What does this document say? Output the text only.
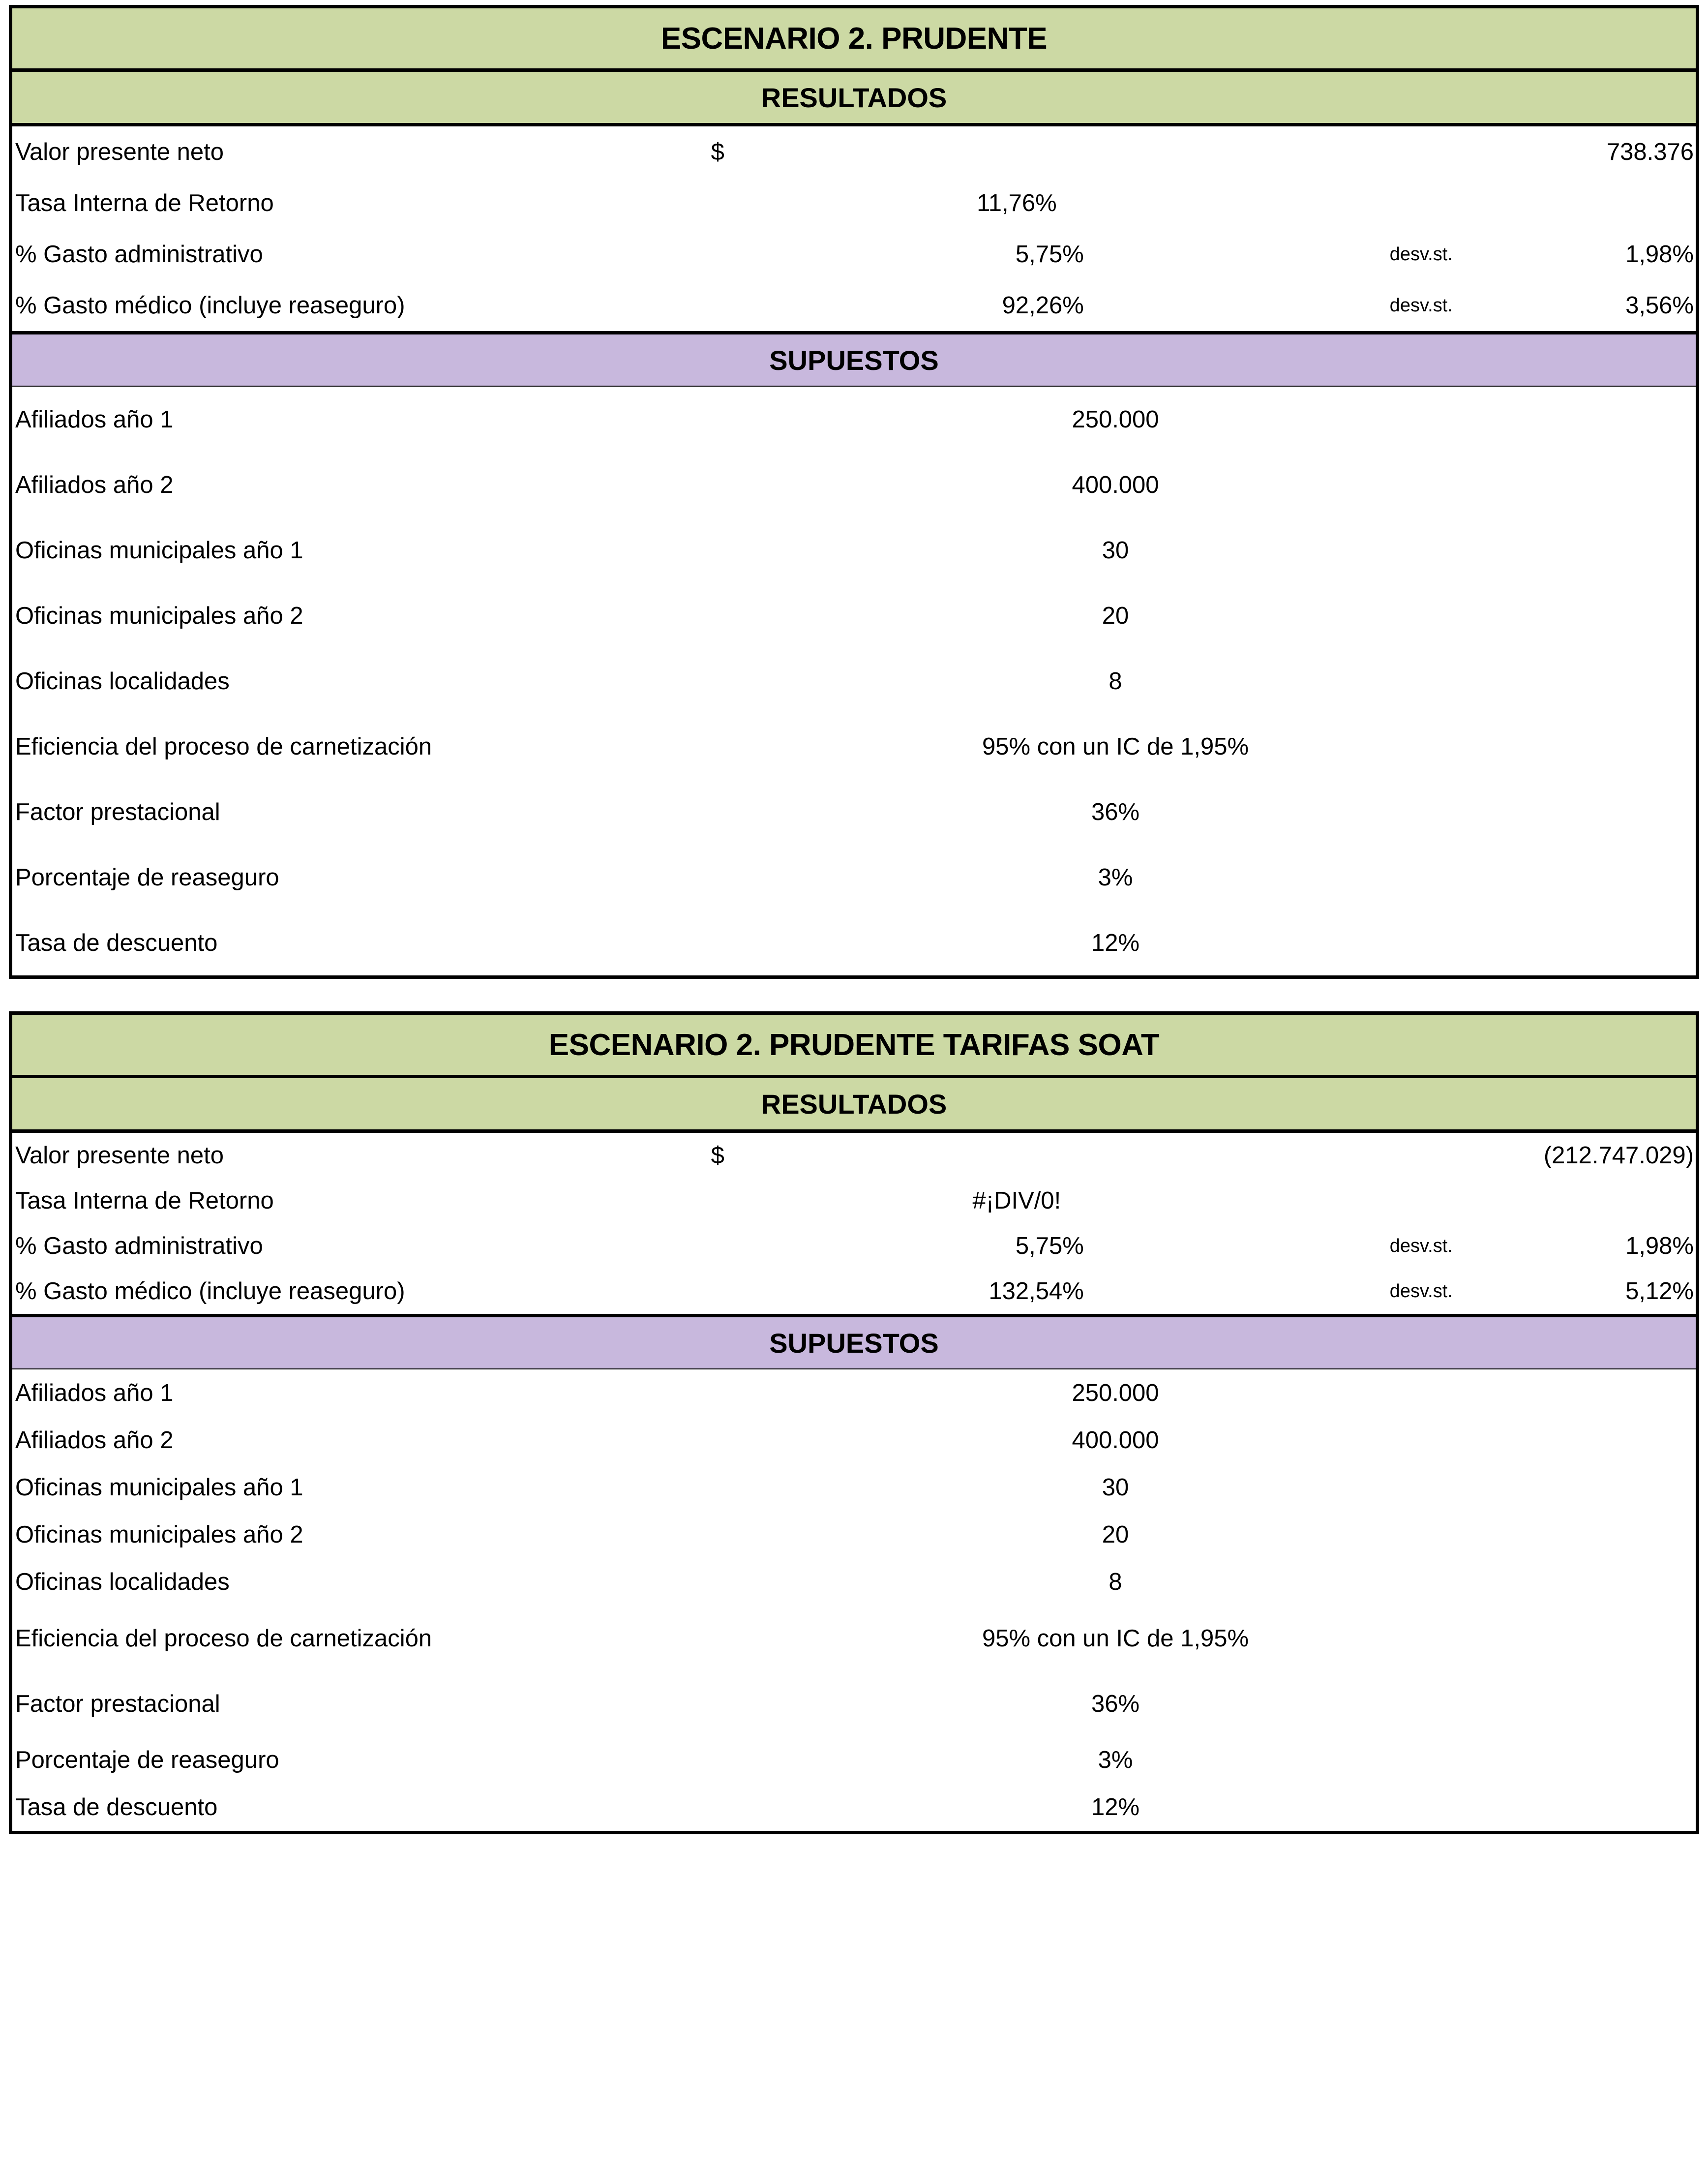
ESCENARIO 2. PRUDENTE				
RESULTADOS				
Valor presente neto	$	738.376		
Tasa Interna de Retorno	11,76%			
% Gasto administrativo	5,75%		desv.st.	1,98%
% Gasto médico (incluye reaseguro)	92,26%		desv.st.	3,56%
SUPUESTOS				
Afiliados año 1	250.000			
Afiliados año 2	400.000			
Oficinas municipales año 1	30			
Oficinas municipales año 2	20			
Oficinas localidades	8			
Eficiencia del proceso de carnetización	95% con un IC de 1,95%			
Factor prestacional	36%			
Porcentaje de reaseguro	3%			
Tasa de descuento	12%			
ESCENARIO 2. PRUDENTE TARIFAS SOAT				
RESULTADOS				
Valor presente neto	$	(212.747.029)		
Tasa Interna de Retorno	#¡DIV/0!			
% Gasto administrativo	5,75%		desv.st.	1,98%
% Gasto médico (incluye reaseguro)	132,54%		desv.st.	5,12%
SUPUESTOS				
Afiliados año 1	250.000			
Afiliados año 2	400.000			
Oficinas municipales año 1	30			
Oficinas municipales año 2	20			
Oficinas localidades	8			
Eficiencia del proceso de carnetización	95% con un IC de 1,95%			
Factor prestacional	36%			
Porcentaje de reaseguro	3%			
Tasa de descuento	12%			
